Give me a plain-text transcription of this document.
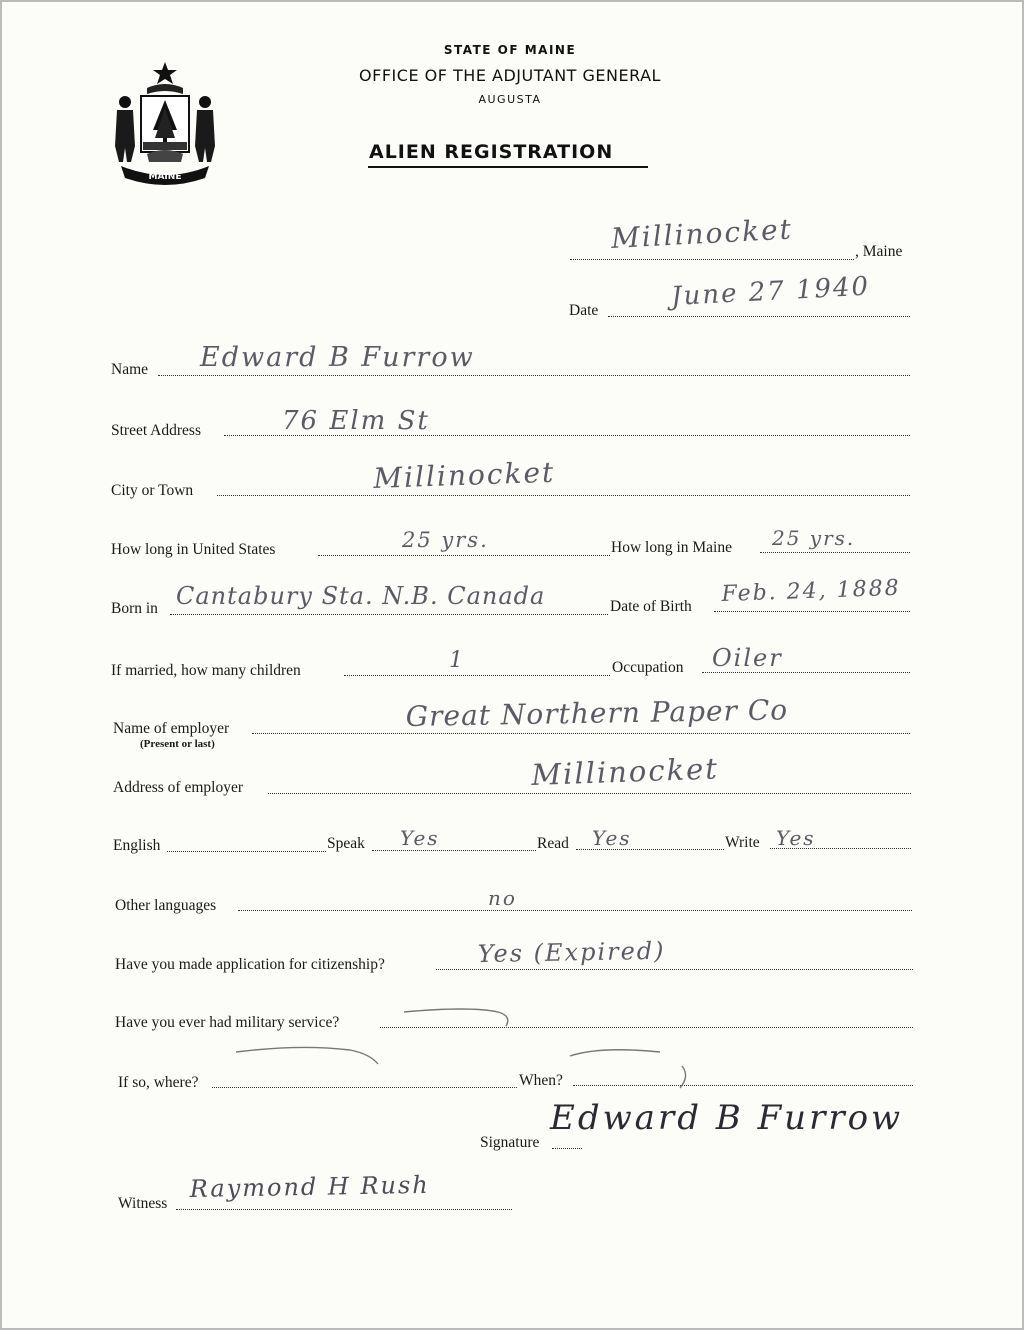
MAINE
STATE OF MAINE
OFFICE OF THE ADJUTANT GENERAL
AUGUSTA
ALIEN REGISTRATION
Millinocket	, Maine
Date	June 27 1940
Name Edward B Furrow
Street Address	76 Elm St
City or Town	Millinocket
How long in United States	25 yrs.	How long in Maine 25 yrs.
Born in Cantabury Sta. N.B. Canada	Date of Birth Feb. 24, 1888
If married, how many children	1	Occupation Oiler
Name of employer
(Present or last)
Great Northern Paper Co
Address of employer	Millinocket
English	Speak Yes	Read Yes	Write Yes
Other languages	no
Have you made application for citizenship?	Yes (Expired)
Have you ever had military service?
If so, where?	When?
Signature
Edward B Furrow
Witness
Raymond H Rush
